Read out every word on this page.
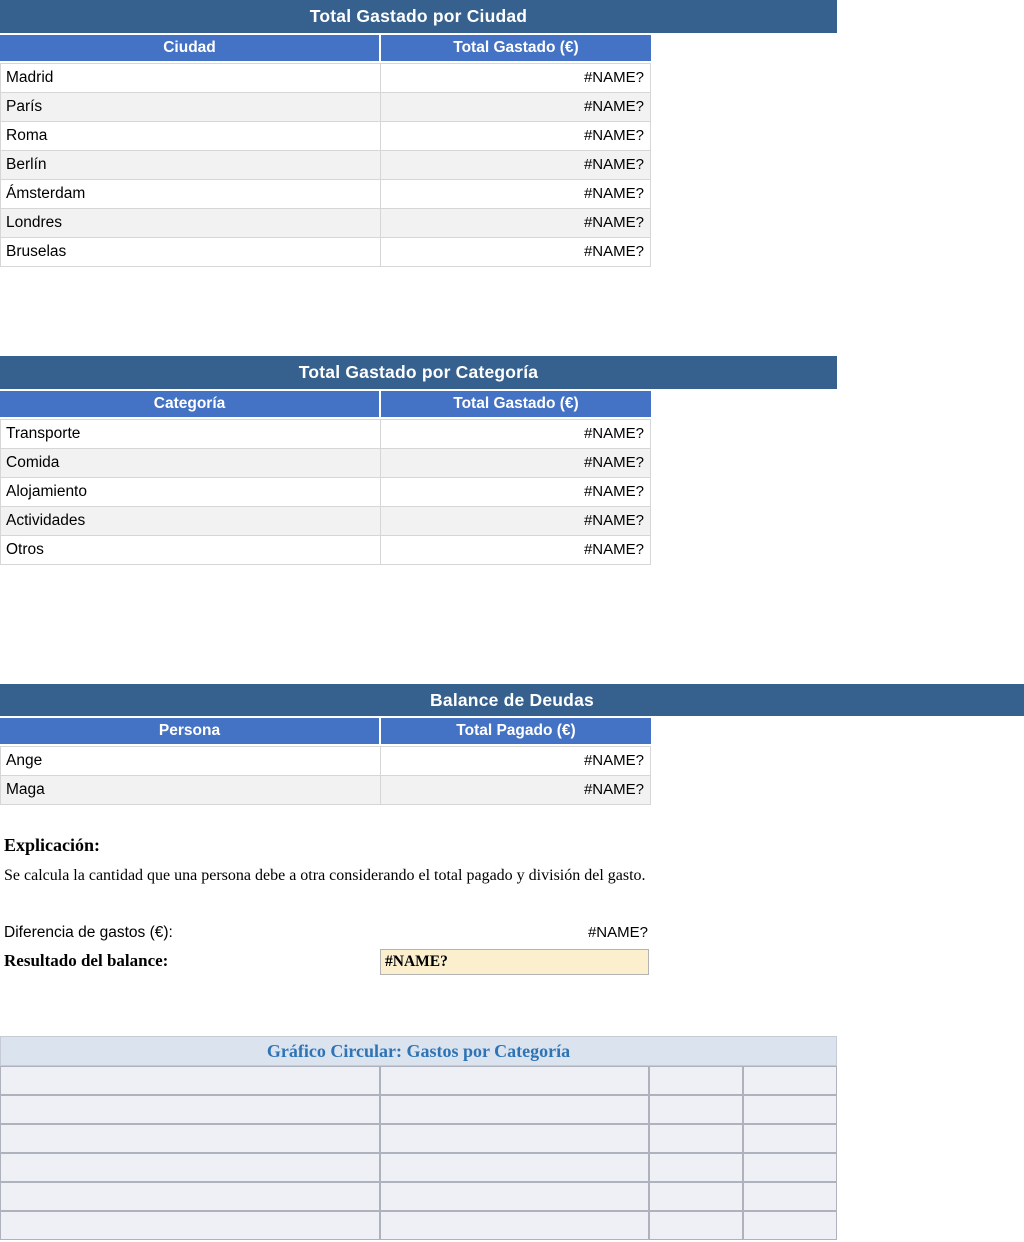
Total Gastado por Ciudad
Ciudad	Total Gastado (€)
Madrid	#NAME?
París	#NAME?
Roma	#NAME?
Berlín	#NAME?
Ámsterdam	#NAME?
Londres	#NAME?
Bruselas	#NAME?
Total Gastado por Categoría
Categoría	Total Gastado (€)
Transporte	#NAME?
Comida	#NAME?
Alojamiento	#NAME?
Actividades	#NAME?
Otros	#NAME?
Balance de Deudas
Persona	Total Pagado (€)
Ange	#NAME?
Maga	#NAME?
Explicación:
Se calcula la cantidad que una persona debe a otra considerando el total pagado y división del gasto.
Diferencia de gastos (€):	#NAME?
Resultado del balance:	#NAME?
Gráfico Circular: Gastos por Categoría
